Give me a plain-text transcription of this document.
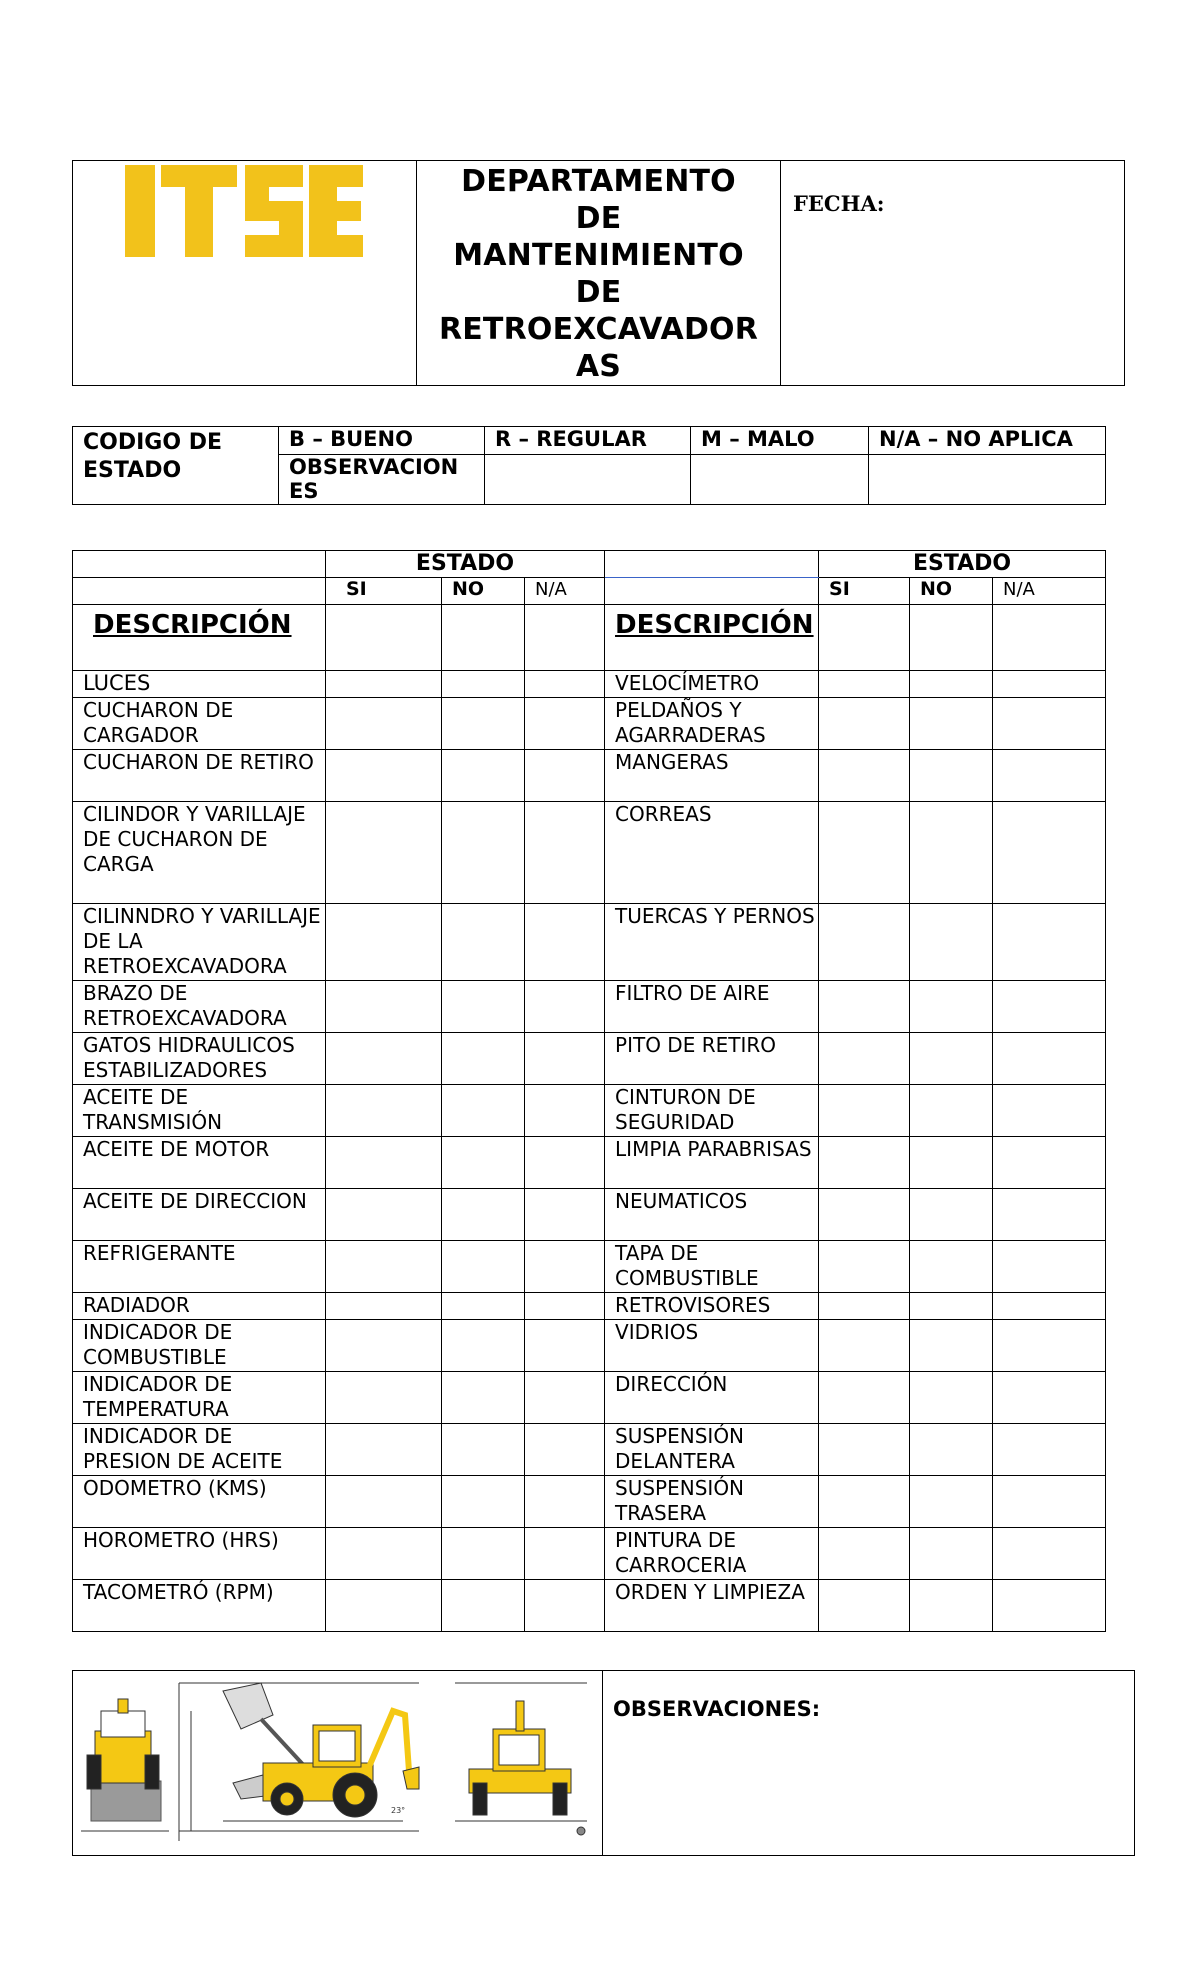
DEPARTAMENTO
DE
MANTENIMIENTO
DE
RETROEXCAVADOR
AS

FECHA:
CODIGO DE ESTADO	B – BUENO	R – REGULAR	M – MALO	N/A – NO APLICA

	OBSERVACIONES			

	ESTADO				ESTADO		
	SI	NO	N/A		SI	NO	N/A
DESCRIPCIÓN				DESCRIPCIÓN			

LUCES				VELOCÍMETRO			
CUCHARON DE CARGADOR				PELDAÑOS Y AGARRADERAS			
CUCHARON DE RETIRO				MANGERAS			
CILINDOR Y VARILLAJE DE CUCHARON DE CARGA				CORREAS			
CILINNDRO Y VARILLAJE DE LA RETROEXCAVADORA				TUERCAS Y PERNOS			
BRAZO DE RETROEXCAVADORA				FILTRO DE AIRE			
GATOS HIDRAULICOS ESTABILIZADORES				PITO DE RETIRO			
ACEITE DE TRANSMISIÓN				CINTURON DE SEGURIDAD			
ACEITE DE MOTOR				LIMPIA PARABRISAS			
ACEITE DE DIRECCION				NEUMATICOS			
REFRIGERANTE				TAPA DE COMBUSTIBLE			
RADIADOR				RETROVISORES			
INDICADOR DE COMBUSTIBLE				VIDRIOS			
INDICADOR DE TEMPERATURA				DIRECCIÓN			
INDICADOR DE PRESION DE ACEITE				SUSPENSIÓN DELANTERA			
ODOMETRO (KMS)				SUSPENSIÓN TRASERA			
HOROMETRO (HRS)				PINTURA DE CARROCERIA			
TACOMETRÓ (RPM)				ORDEN Y LIMPIEZA			
23°

OBSERVACIONES:
